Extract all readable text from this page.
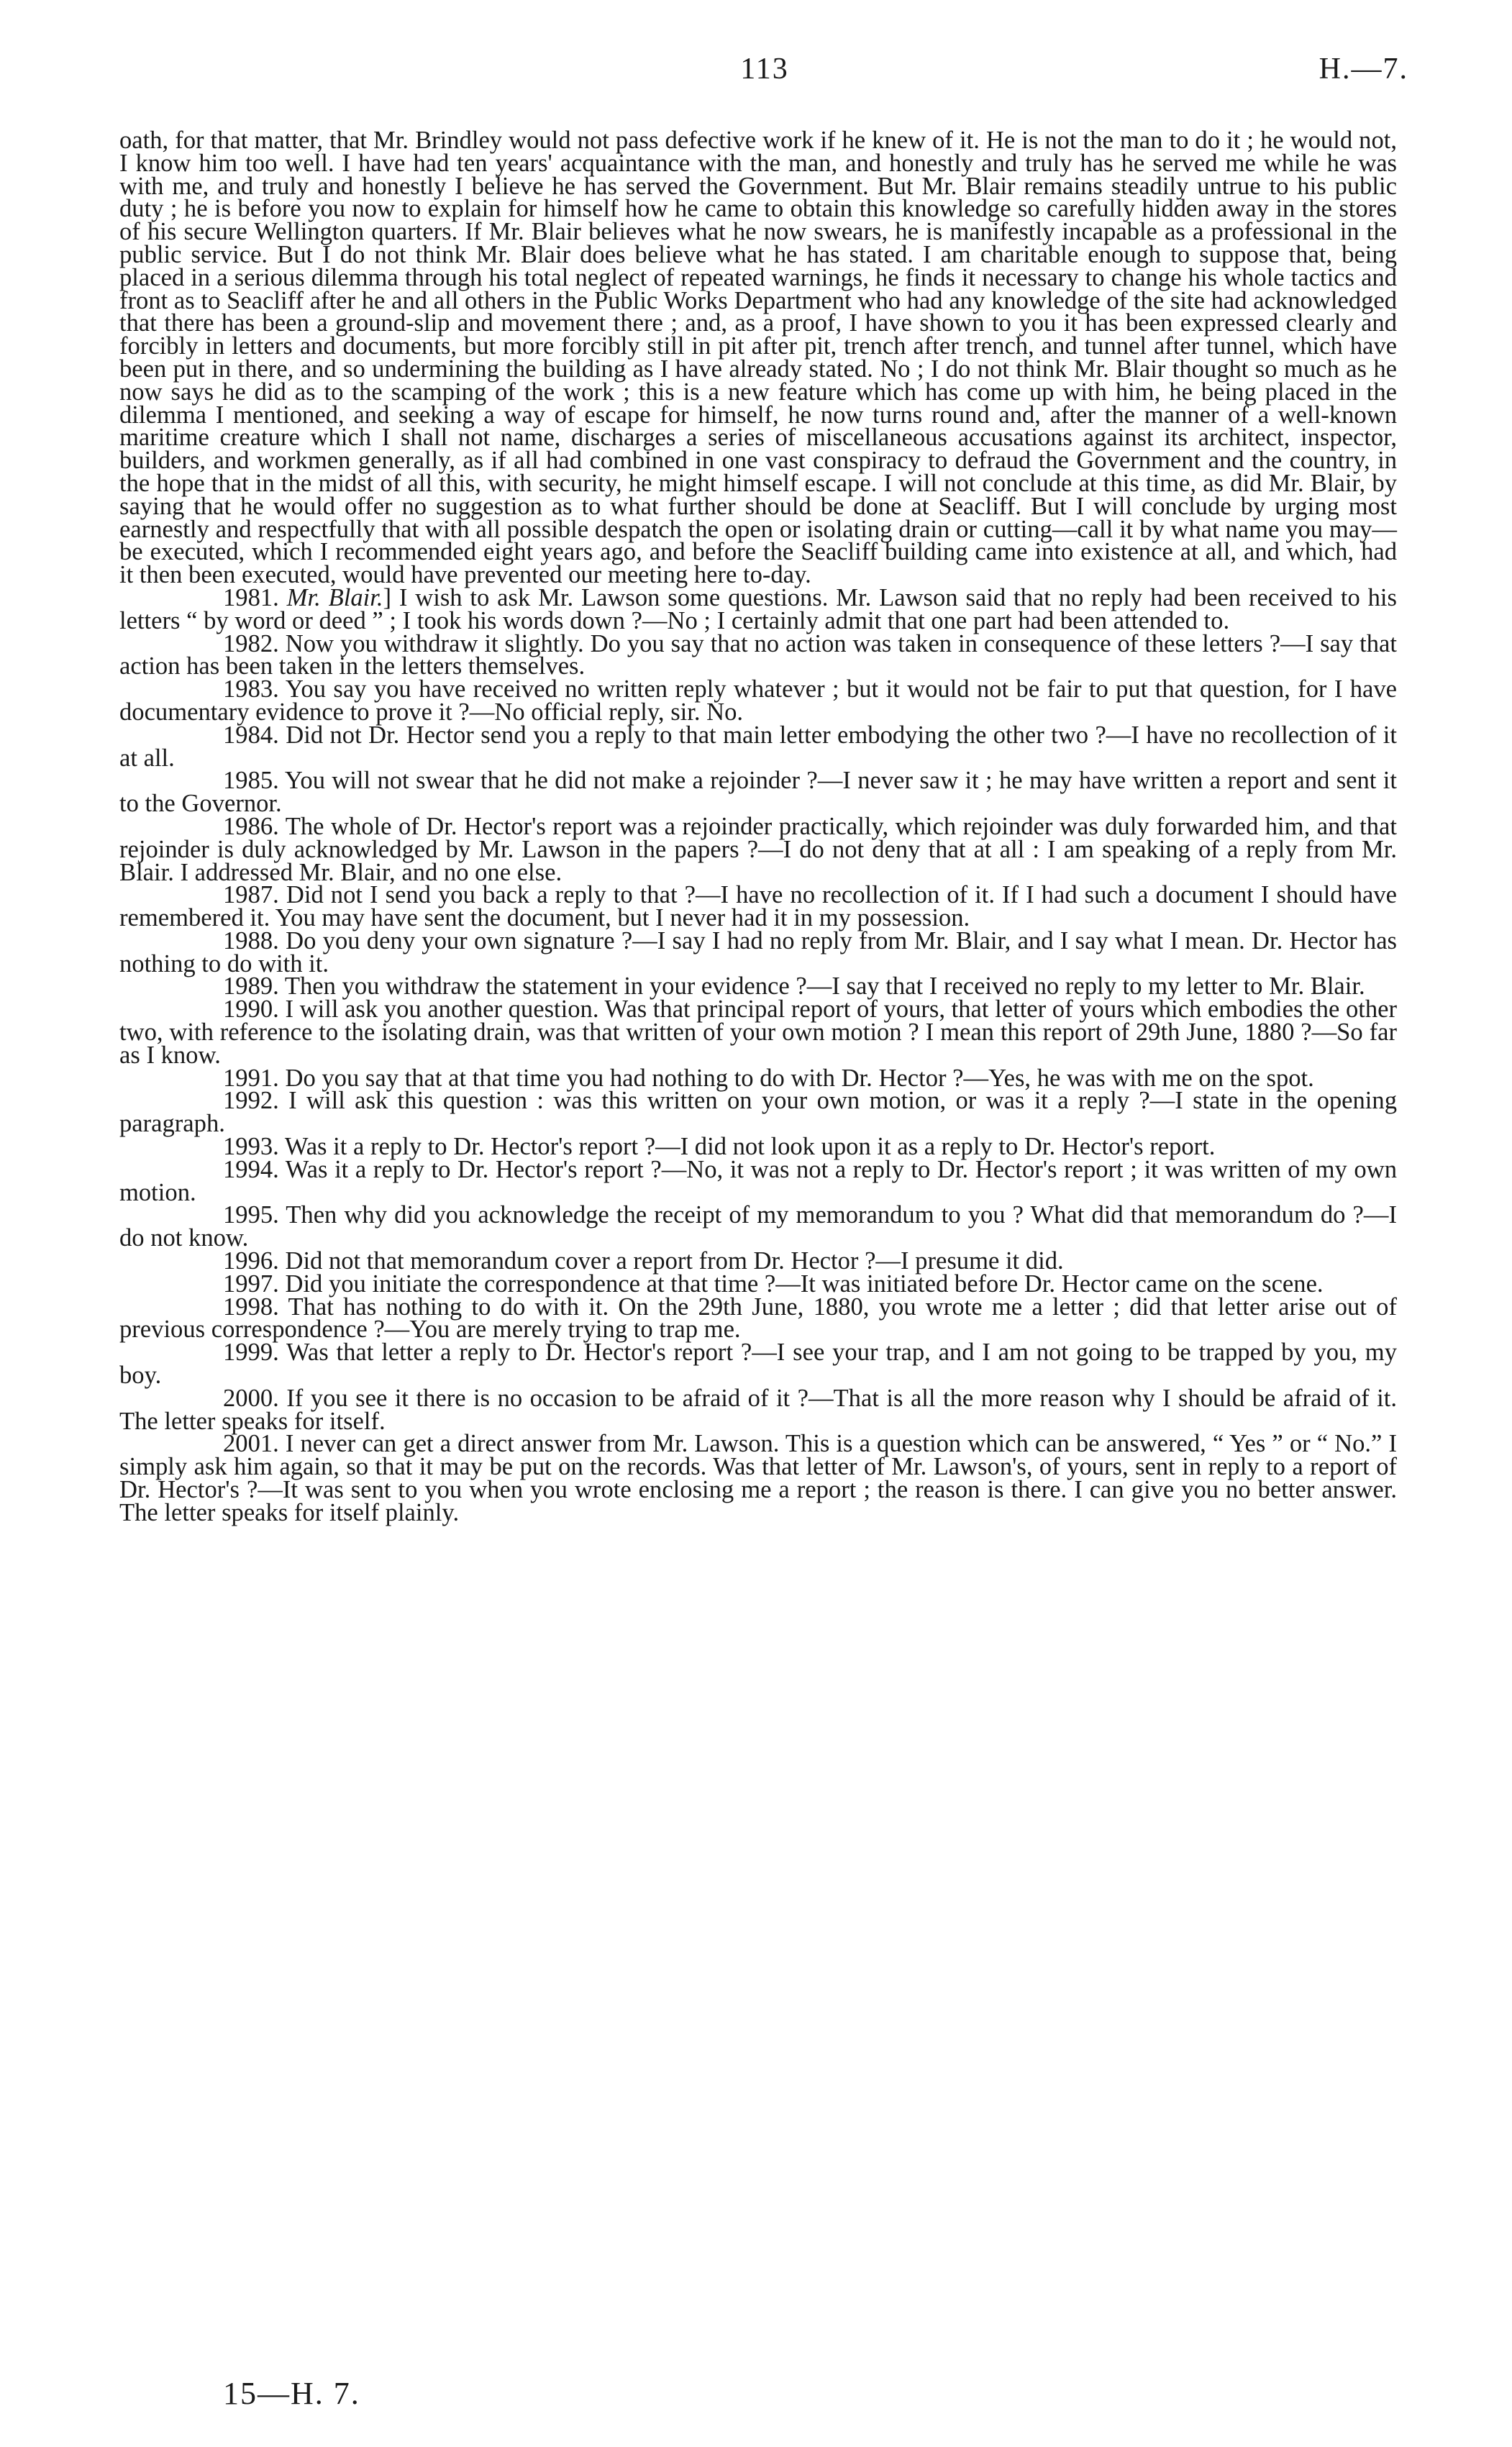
113	H.—7.

oath, for that matter, that Mr. Brindley would not pass defective work if he knew of it. He is not the man to do it ; he would not, I know him too well. I have had ten years' acquaintance with the man, and honestly and truly has he served me while he was with me, and truly and honestly I believe he has served the Government. But Mr. Blair remains steadily untrue to his public duty ; he is before you now to explain for himself how he came to obtain this knowledge so carefully hidden away in the stores of his secure Wellington quarters. If Mr. Blair believes what he now swears, he is manifestly incapable as a professional in the public service. But I do not think Mr. Blair does believe what he has stated. I am charitable enough to suppose that, being placed in a serious dilemma through his total neglect of repeated warnings, he finds it necessary to change his whole tactics and front as to Seacliff after he and all others in the Public Works Department who had any knowledge of the site had acknowledged that there has been a ground-slip and movement there ; and, as a proof, I have shown to you it has been expressed clearly and forcibly in letters and documents, but more forcibly still in pit after pit, trench after trench, and tunnel after tunnel, which have been put in there, and so undermining the building as I have already stated. No ; I do not think Mr. Blair thought so much as he now says he did as to the scamping of the work ; this is a new feature which has come up with him, he being placed in the dilemma I mentioned, and seeking a way of escape for himself, he now turns round and, after the manner of a well-known maritime creature which I shall not name, discharges a series of miscellaneous accusations against its architect, inspector, builders, and workmen generally, as if all had combined in one vast conspiracy to defraud the Government and the country, in the hope that in the midst of all this, with security, he might himself escape. I will not conclude at this time, as did Mr. Blair, by saying that he would offer no suggestion as to what further should be done at Seacliff. But I will conclude by urging most earnestly and respectfully that with all possible despatch the open or isolating drain or cutting—call it by what name you may—be executed, which I recommended eight years ago, and before the Seacliff building came into existence at all, and which, had it then been executed, would have prevented our meeting here to-day.

1981. Mr. Blair.] I wish to ask Mr. Lawson some questions. Mr. Lawson said that no reply had been received to his letters “ by word or deed ” ; I took his words down ?—No ; I certainly admit that one part had been attended to.

1982. Now you withdraw it slightly. Do you say that no action was taken in consequence of these letters ?—I say that action has been taken in the letters themselves.

1983. You say you have received no written reply whatever ; but it would not be fair to put that question, for I have documentary evidence to prove it ?—No official reply, sir. No.

1984. Did not Dr. Hector send you a reply to that main letter embodying the other two ?—I have no recollection of it at all.

1985. You will not swear that he did not make a rejoinder ?—I never saw it ; he may have written a report and sent it to the Governor.

1986. The whole of Dr. Hector's report was a rejoinder practically, which rejoinder was duly forwarded him, and that rejoinder is duly acknowledged by Mr. Lawson in the papers ?—I do not deny that at all : I am speaking of a reply from Mr. Blair. I addressed Mr. Blair, and no one else.

1987. Did not I send you back a reply to that ?—I have no recollection of it. If I had such a document I should have remembered it. You may have sent the document, but I never had it in my possession.

1988. Do you deny your own signature ?—I say I had no reply from Mr. Blair, and I say what I mean. Dr. Hector has nothing to do with it.

1989. Then you withdraw the statement in your evidence ?—I say that I received no reply to my letter to Mr. Blair.

1990. I will ask you another question. Was that principal report of yours, that letter of yours which embodies the other two, with reference to the isolating drain, was that written of your own motion ? I mean this report of 29th June, 1880 ?—So far as I know.

1991. Do you say that at that time you had nothing to do with Dr. Hector ?—Yes, he was with me on the spot.

1992. I will ask this question : was this written on your own motion, or was it a reply ?—I state in the opening paragraph.

1993. Was it a reply to Dr. Hector's report ?—I did not look upon it as a reply to Dr. Hector's report.

1994. Was it a reply to Dr. Hector's report ?—No, it was not a reply to Dr. Hector's report ; it was written of my own motion.

1995. Then why did you acknowledge the receipt of my memorandum to you ? What did that memorandum do ?—I do not know.

1996. Did not that memorandum cover a report from Dr. Hector ?—I presume it did.

1997. Did you initiate the correspondence at that time ?—It was initiated before Dr. Hector came on the scene.

1998. That has nothing to do with it. On the 29th June, 1880, you wrote me a letter ; did that letter arise out of previous correspondence ?—You are merely trying to trap me.

1999. Was that letter a reply to Dr. Hector's report ?—I see your trap, and I am not going to be trapped by you, my boy.

2000. If you see it there is no occasion to be afraid of it ?—That is all the more reason why I should be afraid of it. The letter speaks for itself.

2001. I never can get a direct answer from Mr. Lawson. This is a question which can be answered, “ Yes ” or “ No.” I simply ask him again, so that it may be put on the records. Was that letter of Mr. Lawson's, of yours, sent in reply to a report of Dr. Hector's ?—It was sent to you when you wrote enclosing me a report ; the reason is there. I can give you no better answer. The letter speaks for itself plainly.

15—H. 7.
